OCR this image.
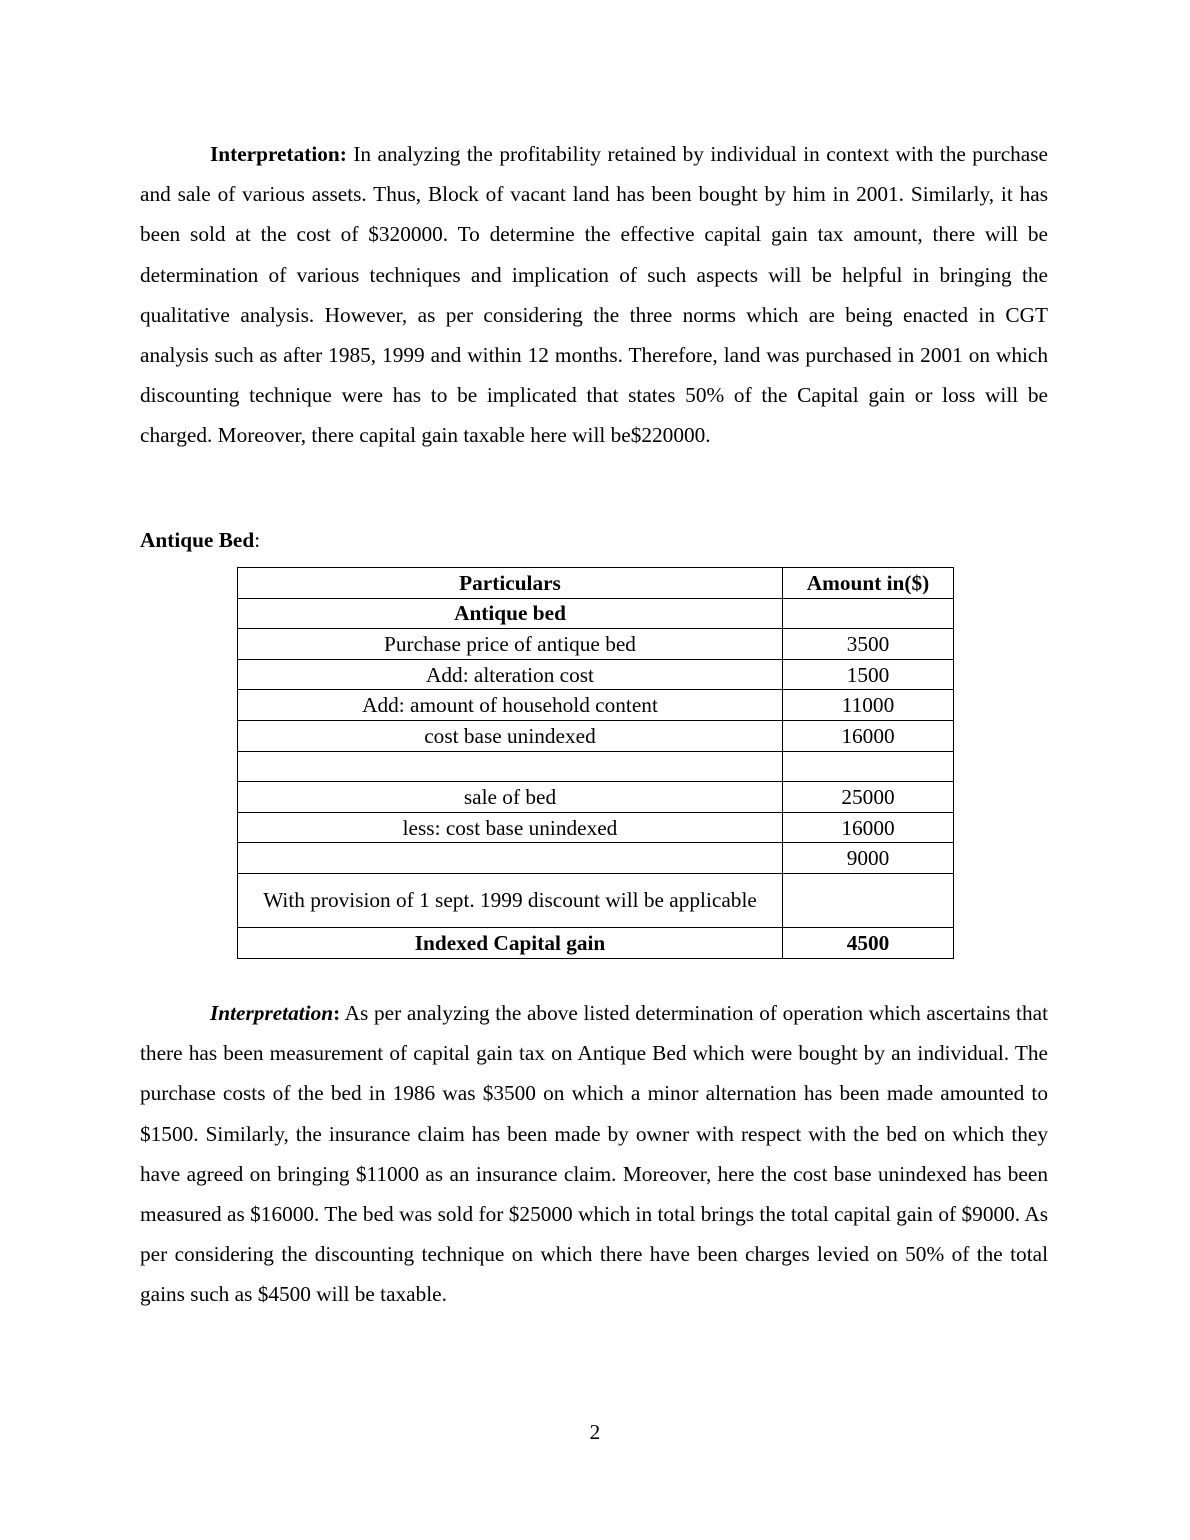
Interpretation: In analyzing the profitability retained by individual in context with the purchase and sale of various assets. Thus, Block of vacant land has been bought by him in 2001. Similarly, it has been sold at the cost of $320000. To determine the effective capital gain tax amount, there will be determination of various techniques and implication of such aspects will be helpful in bringing the qualitative analysis. However, as per considering the three norms which are being enacted in CGT analysis such as after 1985, 1999 and within 12 months. Therefore, land was purchased in 2001 on which discounting technique were has to be implicated that states 50% of the Capital gain or loss will be charged. Moreover, there capital gain taxable here will be$220000.

Antique Bed:

Particulars	Amount in($)
Antique bed	
Purchase price of antique bed	3500
Add: alteration cost	1500
Add: amount of household content	11000
cost base unindexed	16000

sale of bed	25000
less: cost base unindexed	16000
	9000
With provision of 1 sept. 1999 discount will be applicable	
Indexed Capital gain	4500

Interpretation: As per analyzing the above listed determination of operation which ascertains that there has been measurement of capital gain tax on Antique Bed which were bought by an individual. The purchase costs of the bed in 1986 was $3500 on which a minor alternation has been made amounted to $1500. Similarly, the insurance claim has been made by owner with respect with the bed on which they have agreed on bringing $11000 as an insurance claim. Moreover, here the cost base unindexed has been measured as $16000. The bed was sold for $25000 which in total brings the total capital gain of $9000. As per considering the discounting technique on which there have been charges levied on 50% of the total gains such as $4500 will be taxable.

2
